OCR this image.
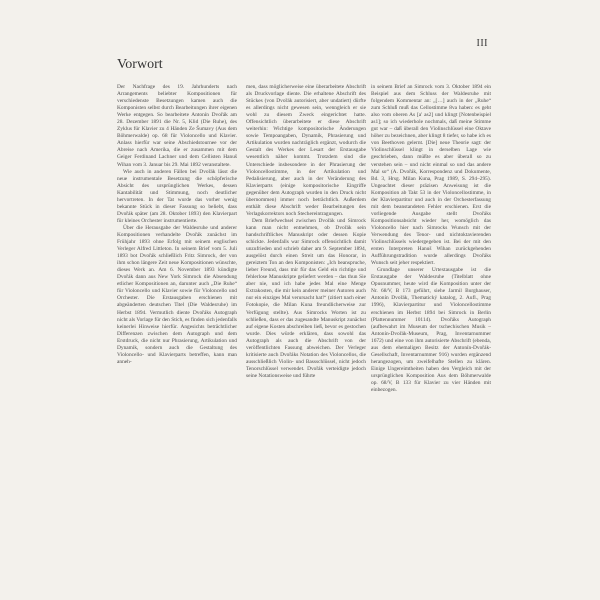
III
Vorwort

Der Nachfrage des 19. Jahrhunderts nach Arrangements beliebter Kompositionen für verschiedenste Besetzungen kamen auch die Komponisten selbst durch Bearbeitungen ihrer eigenen Werke entgegen. So bearbeitete Antonín Dvořák am 28. Dezember 1891 die Nr. 5, Klid (Die Ruhe), des Zyklus für Klavier zu 4 Händen Ze Šumavy (Aus dem Böhmerwalde) op. 68 für Violoncello und Klavier. Anlass hierfür war seine Abschiedstournee vor der Abreise nach Amerika, die er zusammen mit dem Geiger Ferdinand Lachner und dem Cellisten Hanuš Wihan vom 3. Januar bis 29. Mai 1892 veranstaltete.

Wie auch in anderen Fällen bei Dvořák lässt die neue instrumentale Besetzung die schöpferische Absicht des ursprünglichen Werkes, dessen Kantabilität und Stimmung, noch deutlicher hervortreten. In der Tat wurde das vorher wenig bekannte Stück in dieser Fassung so beliebt, dass Dvořák später (am 28. Oktober 1893) den Klavierpart für kleines Orchester instrumentierte.

Über die Herausgabe der Waldesruhe und anderer Kompositionen verhandelte Dvořák zunächst im Frühjahr 1893 ohne Erfolg mit seinem englischen Verleger Alfred Littleton. In seinem Brief vom 5. Juli 1893 bot Dvořák schließlich Fritz Simrock, der von ihm schon längere Zeit neue Kompositionen wünschte, dieses Werk an. Am 6. November 1893 kündigte Dvořák dann aus New York Simrock die Absendung etlicher Kompositionen an, darunter auch „Die Ruhe“ für Violoncello und Klavier sowie für Violoncello und Orchester. Die Erstausgaben erschienen mit abgeänderten deutschen Titel (Die Waldesruhe) im Herbst 1894. Vermutlich diente Dvořáks Autograph nicht als Vorlage für den Stich, es finden sich jedenfalls keinerlei Hinweise hierfür. Angesichts beträchtlicher Differenzen zwischen dem Autograph und dem Erstdruck, die nicht nur Phrasierung, Artikulation und Dynamik, sondern auch die Gestaltung des Violoncello- und Klavierparts betreffen, kann man anneh-

men, dass möglicherweise eine überarbeitete Abschrift als Druckvorlage diente. Die erhaltene Abschrift des Stückes (von Dvořák autorisiert, aber undatiert) dürfte es allerdings nicht gewesen sein, wenngleich er sie wohl zu diesem Zweck eingerichtet hatte. Offensichtlich überarbeitete er diese Abschrift weiterhin: Wichtige kompositorische Änderungen sowie Tempoangaben, Dynamik, Phrasierung und Artikulation wurden nachträglich ergänzt, wodurch die Gestalt des Werkes der Lesart der Erstausgabe wesentlich näher kommt. Trotzdem sind die Unterschiede insbesondere in der Phrasierung der Violoncellostimme, in der Artikulation und Pedalisierung, aber auch in der Veränderung des Klavierparts (einige kompositorische Eingriffe gegenüber dem Autograph wurden in den Druck nicht übernommen) immer noch beträchtlich. Außerdem enthält diese Abschrift weder Bearbeitungen des Verlagskorrektors noch Stechereintragungen.

Dem Briefwechsel zwischen Dvořák und Simrock kann man nicht entnehmen, ob Dvořák sein handschriftliches Manuskript oder dessen Kopie schickte. Jedenfalls war Simrock offensichtlich damit unzufrieden und schrieb daher am 9. September 1894, ausgelöst durch einen Streit um das Honorar, in gereiztem Ton an den Komponisten: „Ich beanspruche, lieber Freund, dass mir für das Geld ein richtige und fehlerlose Manuskripte geliefert werden – das thun Sie aber nie, und ich habe jedes Mal eine Menge Extrakosten, die mir kein anderer meiner Autoren auch nur ein einziges Mal verursacht hat!“ (zitiert nach einer Fotokopie, die Milan Kuna freundlicherweise zur Verfügung stellte). Aus Simrocks Worten ist zu schließen, dass er das zugesandte Manuskript zunächst auf eigene Kosten abschreiben ließ, bevor es gestochen wurde. Dies würde erklären, dass sowohl das Autograph als auch die Abschrift von der veröffentlichten Fassung abweichen. Der Verleger kritisierte auch Dvořáks Notation des Violoncellos, die ausschließlich Violin- und Bassschlüssel, nicht jedoch Tenorschlüssel verwendet. Dvořák verteidigte jedoch seine Notationsweise und führte

in seinem Brief an Simrock vom 3. Oktober 1894 ein Beispiel aus dem Schluss der Waldesruhe mit folgendem Kommentar an: „[…] auch in der „Ruhe“ zum Schluß muß das Cellostimme 8va haben: es geht also vom oberen As [a′ as2] und klingt [Notenbeispiel as1]; so ich wiederhole nochmals, daß meine Stimme gut war – daß überall den Violinschlüssel eine Oktave höher zu bezeichnen, aber klingt 8 tiefer, so habe ich es von Beethoven gelernt. [Die] neue Theorie sagt: der Violinschlüssel klingt in derselben Lage wie geschrieben, dann müßte es aber überall so zu verstehen sein – und nicht einmal so und das andere Mal so“ (A. Dvořák, Korrespondenz und Dokumente, Bd. 3, Hrsg. Milan Kuna, Prag 1989, S. 294–295). Ungeachtet dieser präzisen Anweisung ist die Komposition ab Takt 53 in der Violoncellostimme, in der Klavierpartitur und auch in der Orchesterfassung mit dem beanstandeten Fehler erschienen. Erst die vorliegende Ausgabe stellt Dvořáks Kompositionsabsicht wieder her, womöglich das Violoncello hier nach Simrocks Wunsch mit der Verwendung des Tenor- und nichtoktavierenden Violinschlüssels wiedergegeben ist. Bei der mit den ersten Interpreten Hanuš Wihan zurückgehenden Aufführungstradition wurde allerdings Dvořáks Wunsch seit jeher respektiert.

Grundlage unserer Urtextausgabe ist die Erstausgabe der Waldesruhe (Titelblatt ohne Opusnummer, heute wird die Komposition unter der Nr. 68/V, B 173 geführt, siehe Jarmil Burghauser, Antonín Dvořák, Thematický katalog, 2. Aufl., Prag 1996), Klavierpartitur und Violoncellostimme erschienen im Herbst 1894 bei Simrock in Berlin (Plattennummer 10114). Dvořáks Autograph (aufbewahrt im Museum der tschechischen Musik – Antonín-Dvořák-Museum, Prag, Inventarnummer 1672) und eine von ihm autorisierte Abschrift (ebenda, aus dem ehemaligen Besitz der Antonín-Dvořák-Gesellschaft, Inventarnummer 916) wurden ergänzend herangezogen, um zweifelhafte Stellen zu klären. Einige Ungereimtheiten haben den Vergleich mit der ursprünglichen Komposition Aus dem Böhmerwalde op. 68/V, B 133 für Klavier zu vier Händen mit einbezogen.
